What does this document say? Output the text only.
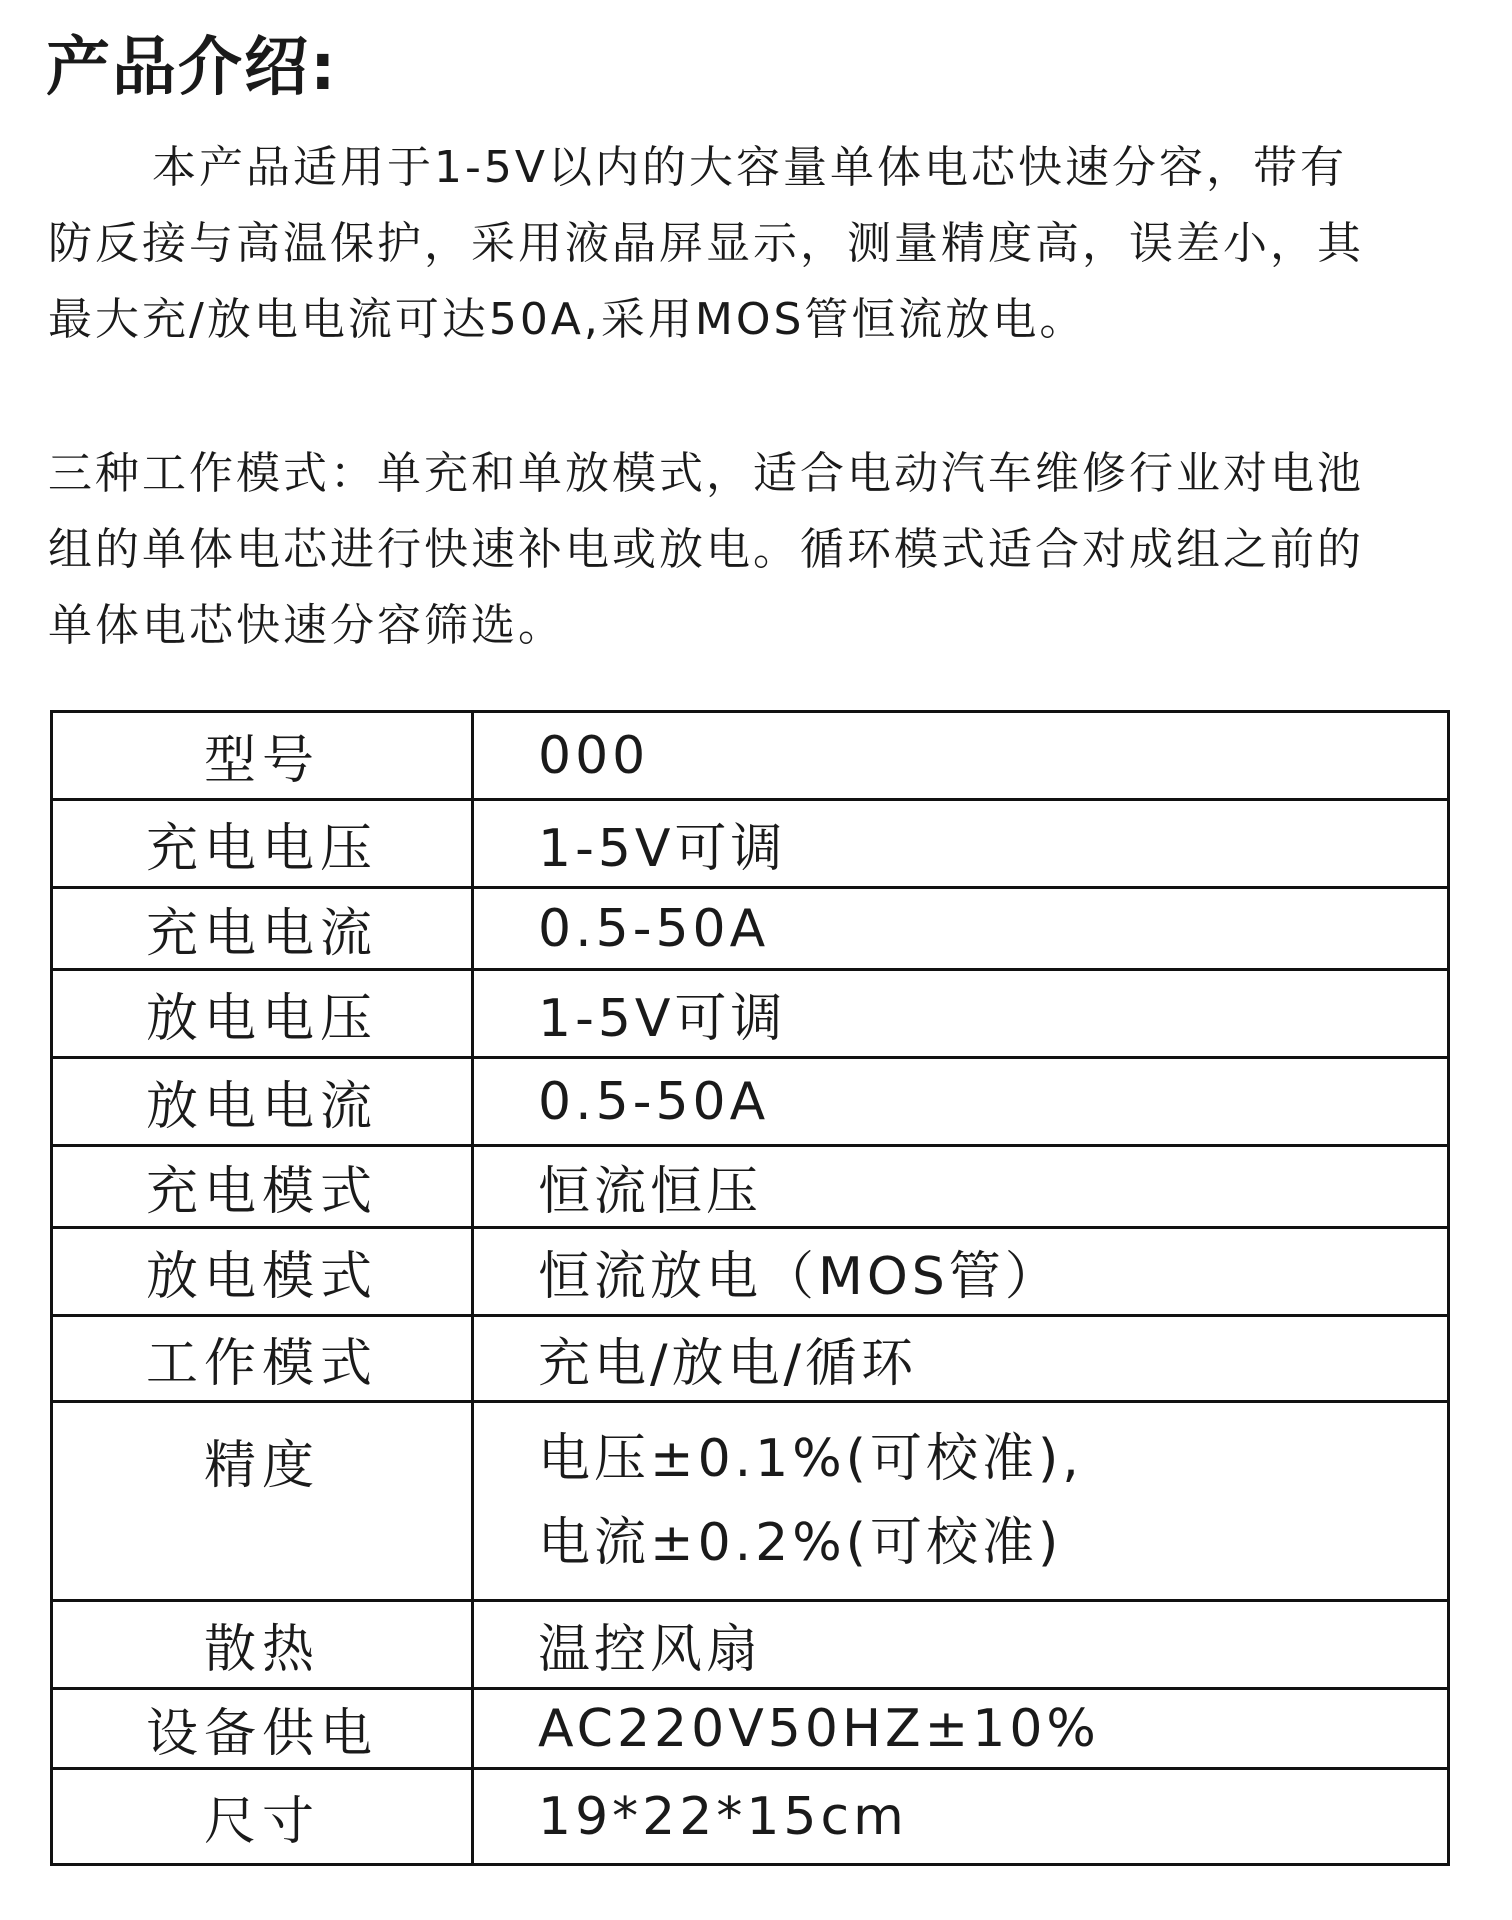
产品介绍:

本产品适用于1-5V以内的大容量单体电芯快速分容，带有
防反接与高温保护，采用液晶屏显示，测量精度高，误差小，其
最大充/放电电流可达50A,采用MOS管恒流放电。

三种工作模式：单充和单放模式，适合电动汽车维修行业对电池
组的单体电芯进行快速补电或放电。循环模式适合对成组之前的
单体电芯快速分容筛选。

型号	000
充电电压	1-5V可调
充电电流	0.5-50A
放电电压	1-5V可调
放电电流	0.5-50A
充电模式	恒流恒压
放电模式	恒流放电（MOS管）
工作模式	充电/放电/循环
精度	电压±0.1%(可校准),
电流±0.2%(可校准)

散热	温控风扇
设备供电	AC220V50HZ±10%
尺寸	19*22*15cm
